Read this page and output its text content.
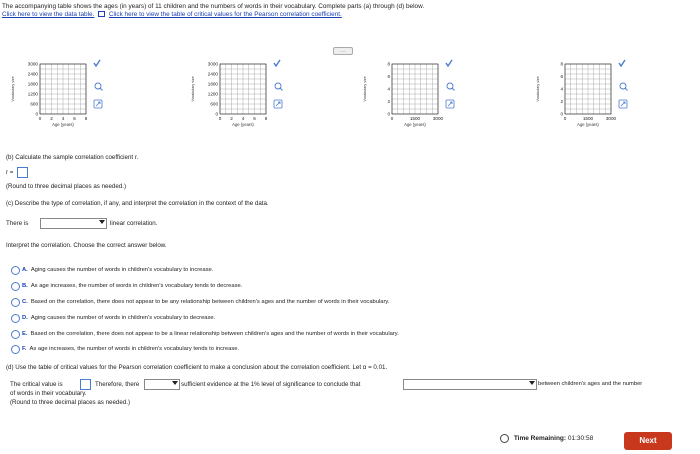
The accompanying table shows the ages (in years) of 11 children and the numbers of words in their vocabulary. Complete parts (a) through (d) below.
Click here to view the data table. Click here to view the table of critical values for the Pearson correlation coefficient.
Vocabulary size
3000
2400
1800
1200
600
0
0 2 4 6 8
Age (years)
Vocabulary size
3000
2400
1800
1200
600
0
0 2 4 6 8
Age (years)
Vocabulary size
8
6
4
2
0
0	1500	3000
Age (years)
Vocabulary size
8
6
4
2
0
0	1500	3000
Age (years)
.....
(b) Calculate the sample correlation coefficient r.
r =
(Round to three decimal places as needed.)
(c) Describe the type of correlation, if any, and interpret the correlation in the context of the data.
There is	linear correlation.
Interpret the correlation. Choose the correct answer below.
A. Aging causes the number of words in children's vocabulary to increase.
B. As age increases, the number of words in children's vocabulary tends to decrease.
C. Based on the correlation, there does not appear to be any relationship between children's ages and the number of words in their vocabulary.
D. Aging causes the number of words in children's vocabulary to decrease.
E. Based on the correlation, there does not appear to be a linear relationship between children's ages and the number of words in their vocabulary.
F. As age increases, the number of words in children's vocabulary tends to increase.
(d) Use the table of critical values for the Pearson correlation coefficient to make a conclusion about the correlation coefficient. Let α = 0.01.
The critical value is	Therefore, there	sufficient evidence at the 1% level of significance to conclude that	between children's ages and the number
of words in their vocabulary.
(Round to three decimal places as needed.)
Time Remaining: 01:30:58	Next
